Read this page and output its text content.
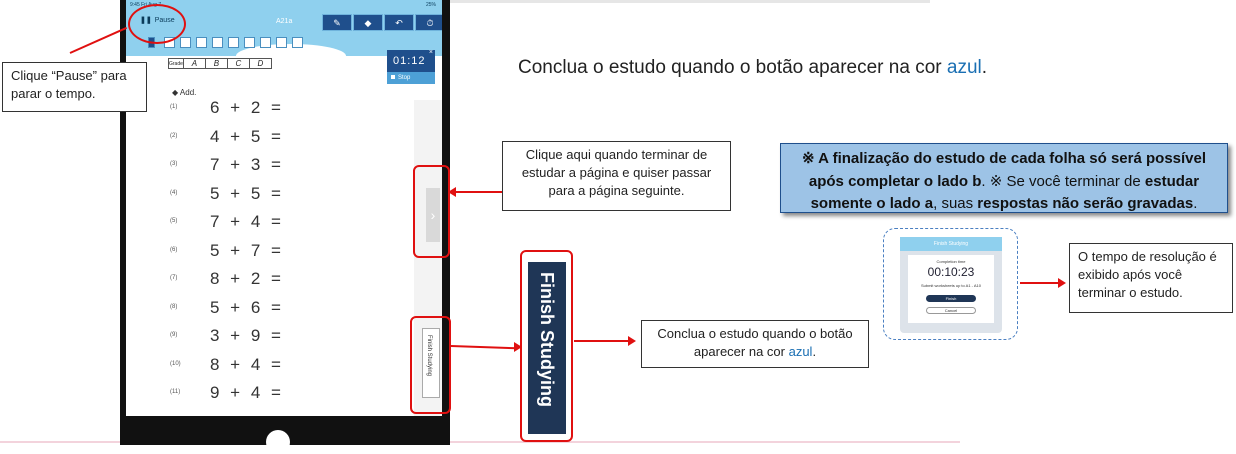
9:45 Fri Aug 7	25%
❚❚ Pause	A21a	✎	◆	↶	⏱
Grade	A	B	C	D	01:12
×
Stop
◆ Add.
(1)	6 + 2 =
(2)	4 + 5 =
(3)	7 + 3 =
(4)	5 + 5 =
(5)	7 + 4 =
(6)	5 + 7 =
(7)	8 + 2 =
(8)	5 + 6 =
(9)	3 + 9 =
(10)	8 + 4 =
(11)	9 + 4 =
›
Finish Studying
Clique “Pause” para parar o tempo.
Clique aqui quando terminar de estudar a página e quiser passar para a página seguinte.
Finish Studying	Conclua o estudo quando o botão aparecer na cor azul.
Conclua o estudo quando o botão aparecer na cor azul.
※ A finalização do estudo de cada folha só será possível após completar o lado b. ※ Se você terminar de estudar somente o lado a, suas respostas não serão gravadas.
Finish Studying
Completion time
00:10:23
Submit worksheets up to A1 - A10
Finish
Cancel
O tempo de resolução é exibido após você terminar o estudo.
